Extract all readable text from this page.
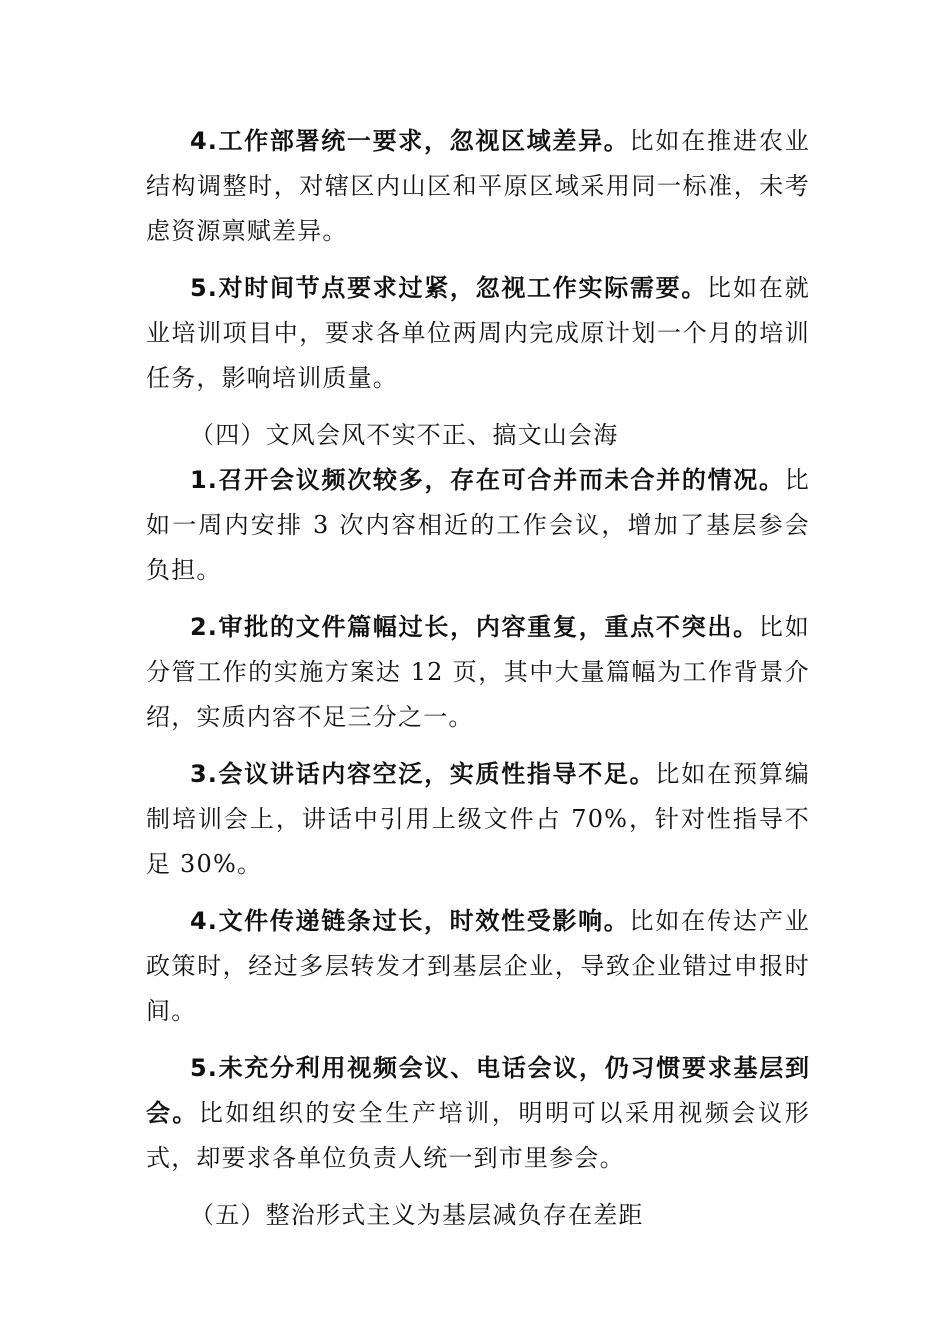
4.工作部署统一要求，忽视区域差异。比如在推进农业结构调整时，对辖区内山区和平原区域采用同一标准，未考虑资源禀赋差异。

5.对时间节点要求过紧，忽视工作实际需要。比如在就业培训项目中，要求各单位两周内完成原计划一个月的培训任务，影响培训质量。

（四）文风会风不实不正、搞文山会海

1.召开会议频次较多，存在可合并而未合并的情况。比如一周内安排 3 次内容相近的工作会议，增加了基层参会负担。

2.审批的文件篇幅过长，内容重复，重点不突出。比如分管工作的实施方案达 12 页，其中大量篇幅为工作背景介绍，实质内容不足三分之一。

3.会议讲话内容空泛，实质性指导不足。比如在预算编制培训会上，讲话中引用上级文件占 70%，针对性指导不足 30%。

4.文件传递链条过长，时效性受影响。比如在传达产业政策时，经过多层转发才到基层企业，导致企业错过申报时间。

5.未充分利用视频会议、电话会议，仍习惯要求基层到会。比如组织的安全生产培训，明明可以采用视频会议形式，却要求各单位负责人统一到市里参会。

（五）整治形式主义为基层减负存在差距
